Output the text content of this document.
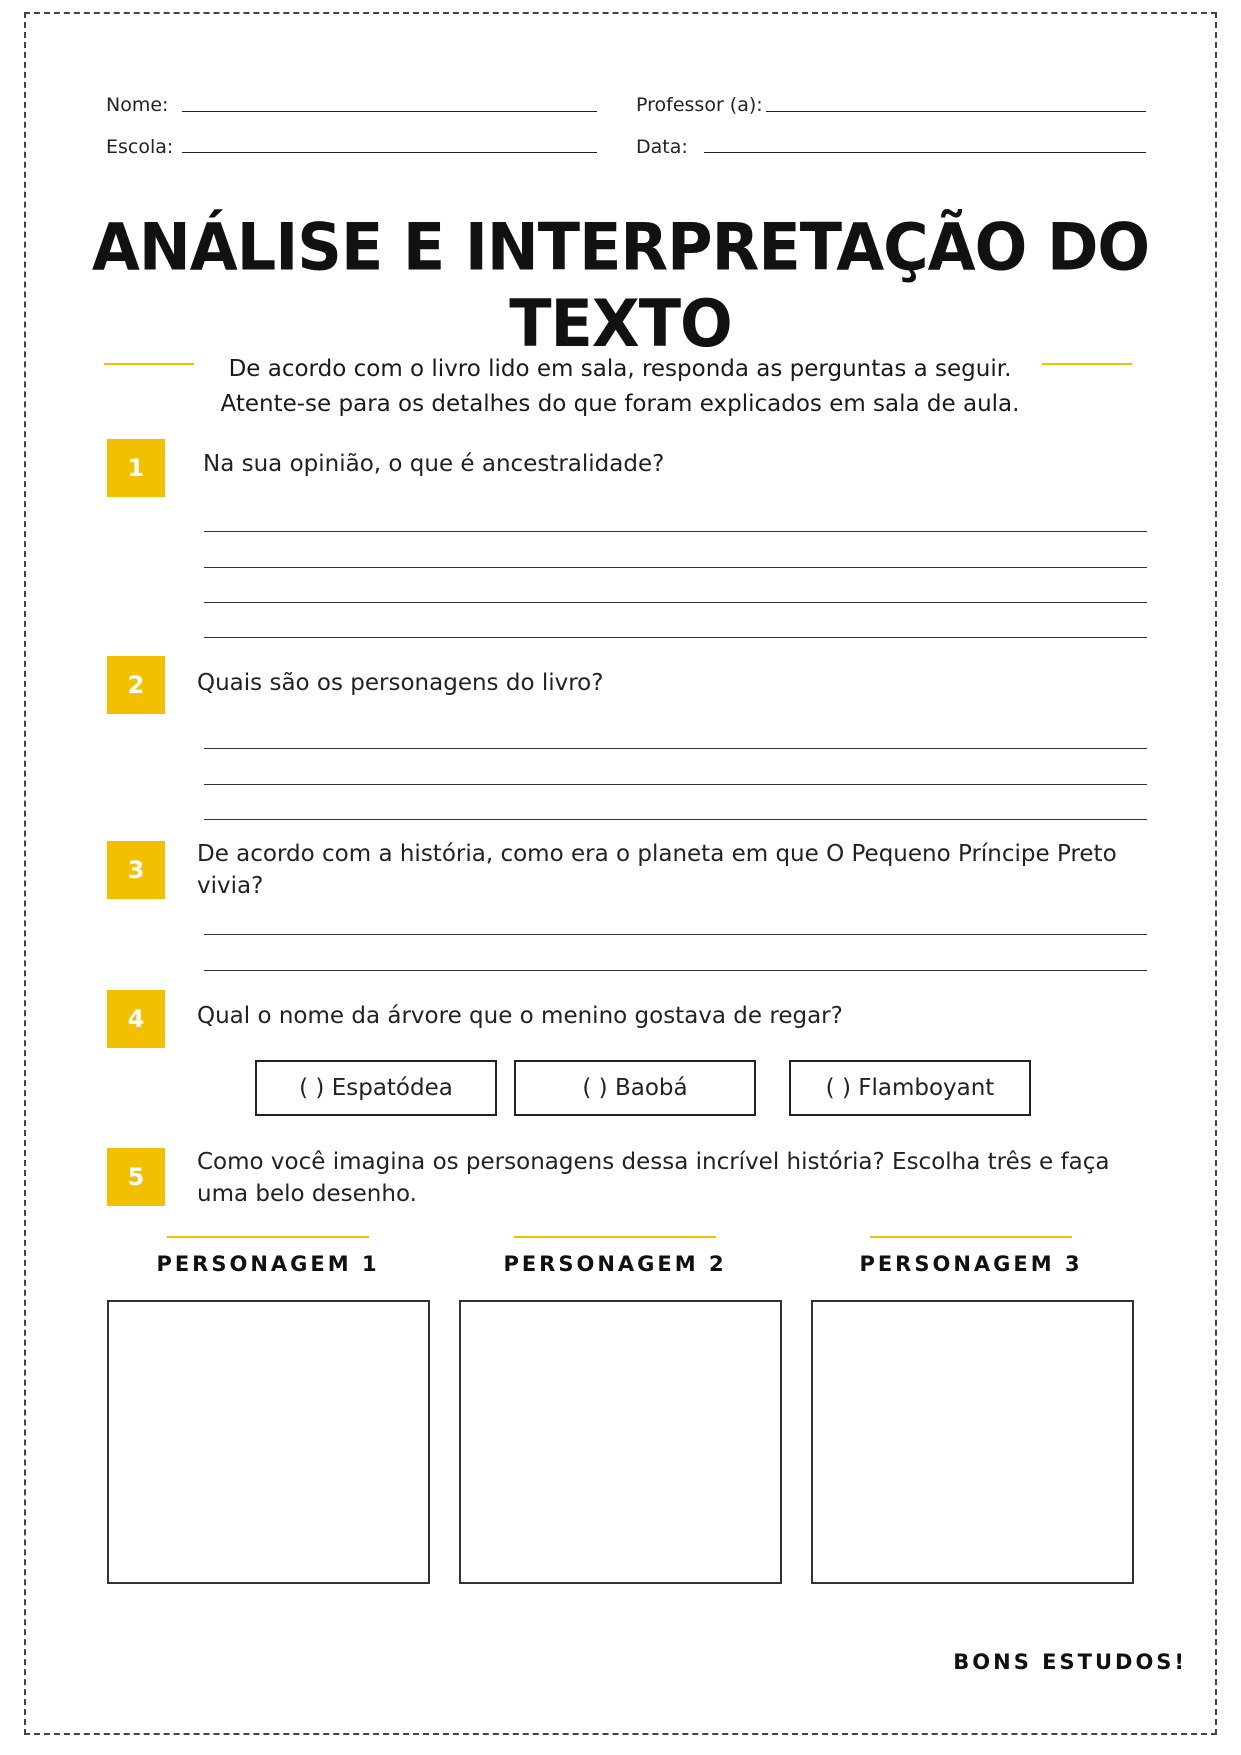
Nome:	Professor (a):
Escola:	Data:
ANÁLISE E INTERPRETAÇÃO DO TEXTO
De acordo com o livro lido em sala, responda as perguntas a seguir.
Atente-se para os detalhes do que foram explicados em sala de aula.
1	Na sua opinião, o que é ancestralidade?
2	Quais são os personagens do livro?
3
De acordo com a história, como era o planeta em que O Pequeno Príncipe Preto vivia?
4	Qual o nome da árvore que o menino gostava de regar?
( ) Espatódea	( ) Baobá	( ) Flamboyant
5
Como você imagina os personagens dessa incrível história? Escolha três e faça uma belo desenho.
PERSONAGEM 1	PERSONAGEM 2	PERSONAGEM 3
BONS ESTUDOS!
